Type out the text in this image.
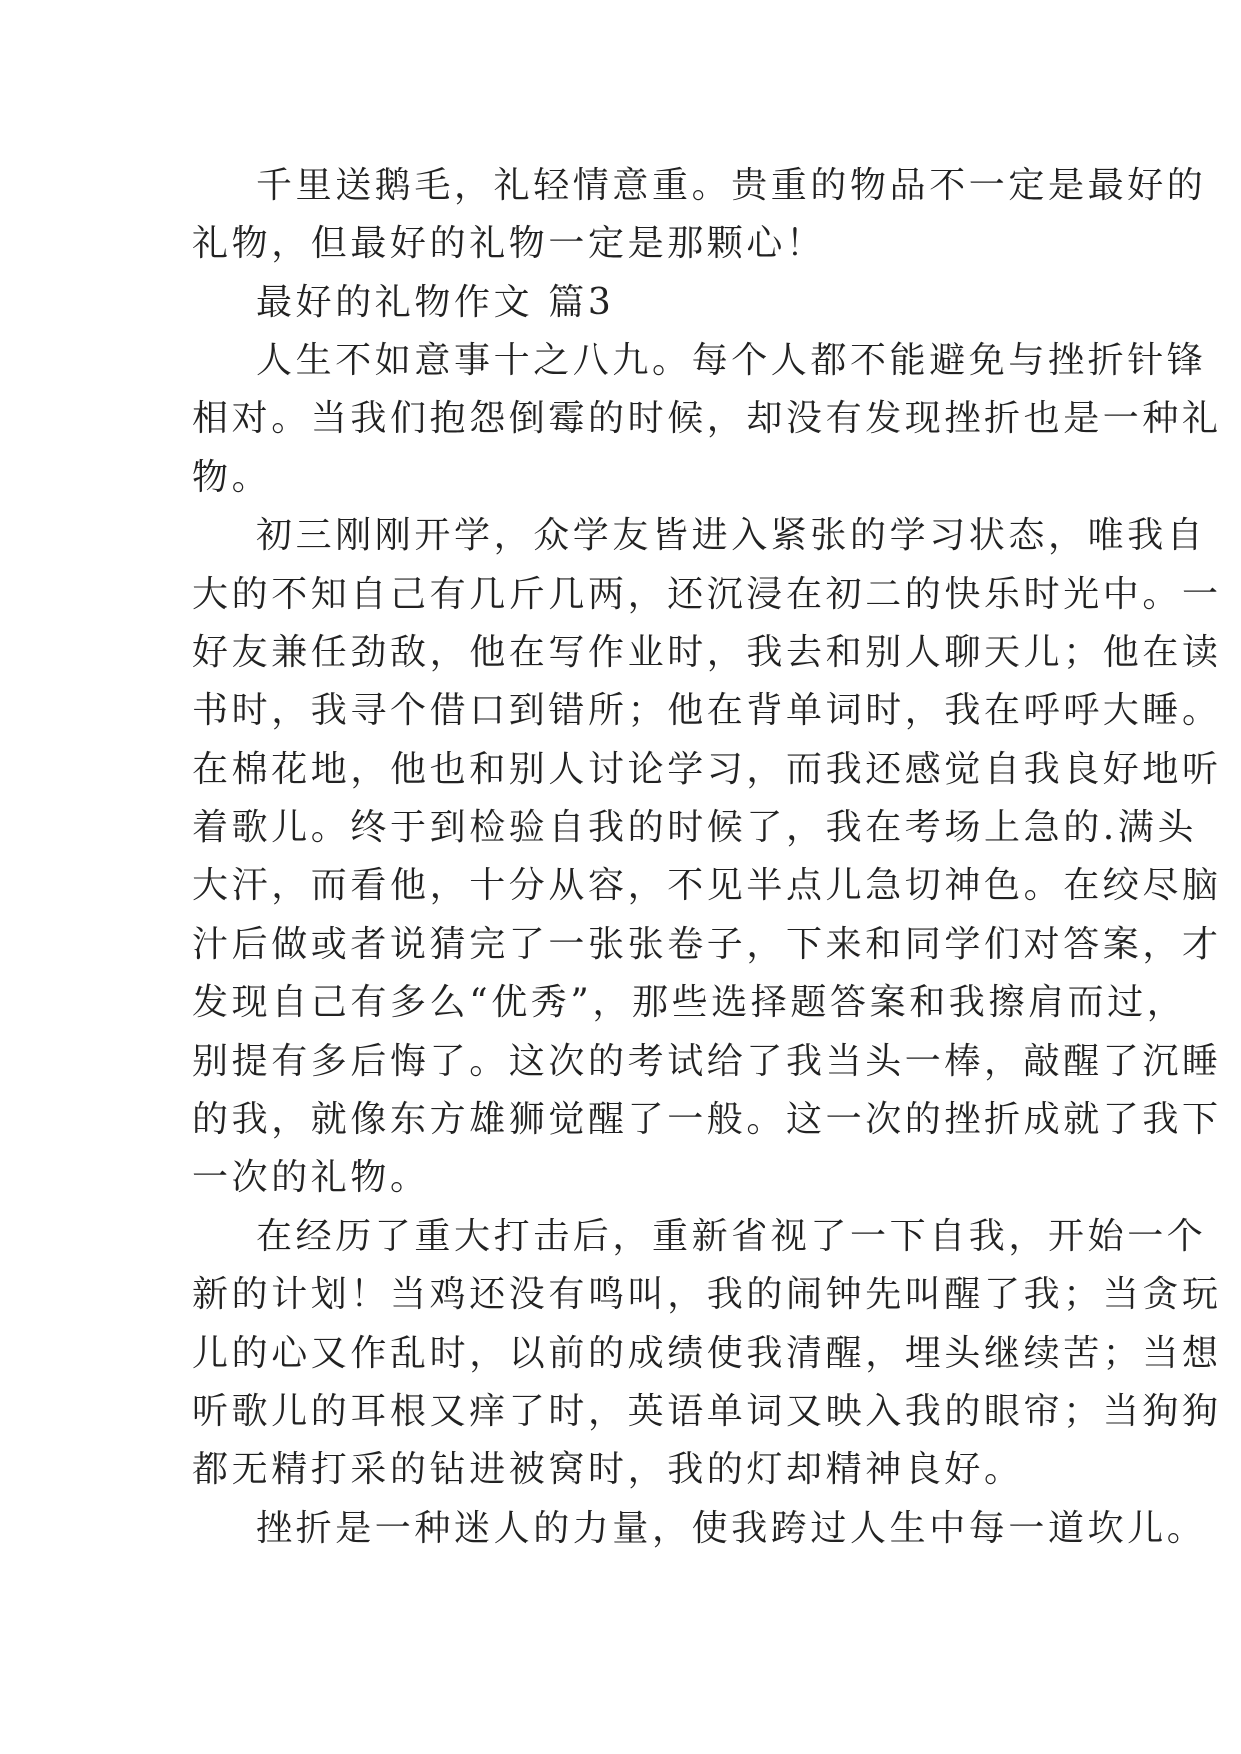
千里送鹅毛，礼轻情意重。贵重的物品不一定是最好的
礼物，但最好的礼物一定是那颗心！
最好的礼物作文 篇3
人生不如意事十之八九。每个人都不能避免与挫折针锋
相对。当我们抱怨倒霉的时候，却没有发现挫折也是一种礼
物。
初三刚刚开学，众学友皆进入紧张的学习状态，唯我自
大的不知自己有几斤几两，还沉浸在初二的快乐时光中。一
好友兼任劲敌，他在写作业时，我去和别人聊天儿；他在读
书时，我寻个借口到错所；他在背单词时，我在呼呼大睡。
在棉花地，他也和别人讨论学习，而我还感觉自我良好地听
着歌儿。终于到检验自我的时候了，我在考场上急的.满头
大汗，而看他，十分从容，不见半点儿急切神色。在绞尽脑
汁后做或者说猜完了一张张卷子，下来和同学们对答案，才
发现自己有多么“优秀”，那些选择题答案和我擦肩而过，
别提有多后悔了。这次的考试给了我当头一棒，敲醒了沉睡
的我，就像东方雄狮觉醒了一般。这一次的挫折成就了我下
一次的礼物。
在经历了重大打击后，重新省视了一下自我，开始一个
新的计划！当鸡还没有鸣叫，我的闹钟先叫醒了我；当贪玩
儿的心又作乱时，以前的成绩使我清醒，埋头继续苦；当想
听歌儿的耳根又痒了时，英语单词又映入我的眼帘；当狗狗
都无精打采的钻进被窝时，我的灯却精神良好。
挫折是一种迷人的力量，使我跨过人生中每一道坎儿。
